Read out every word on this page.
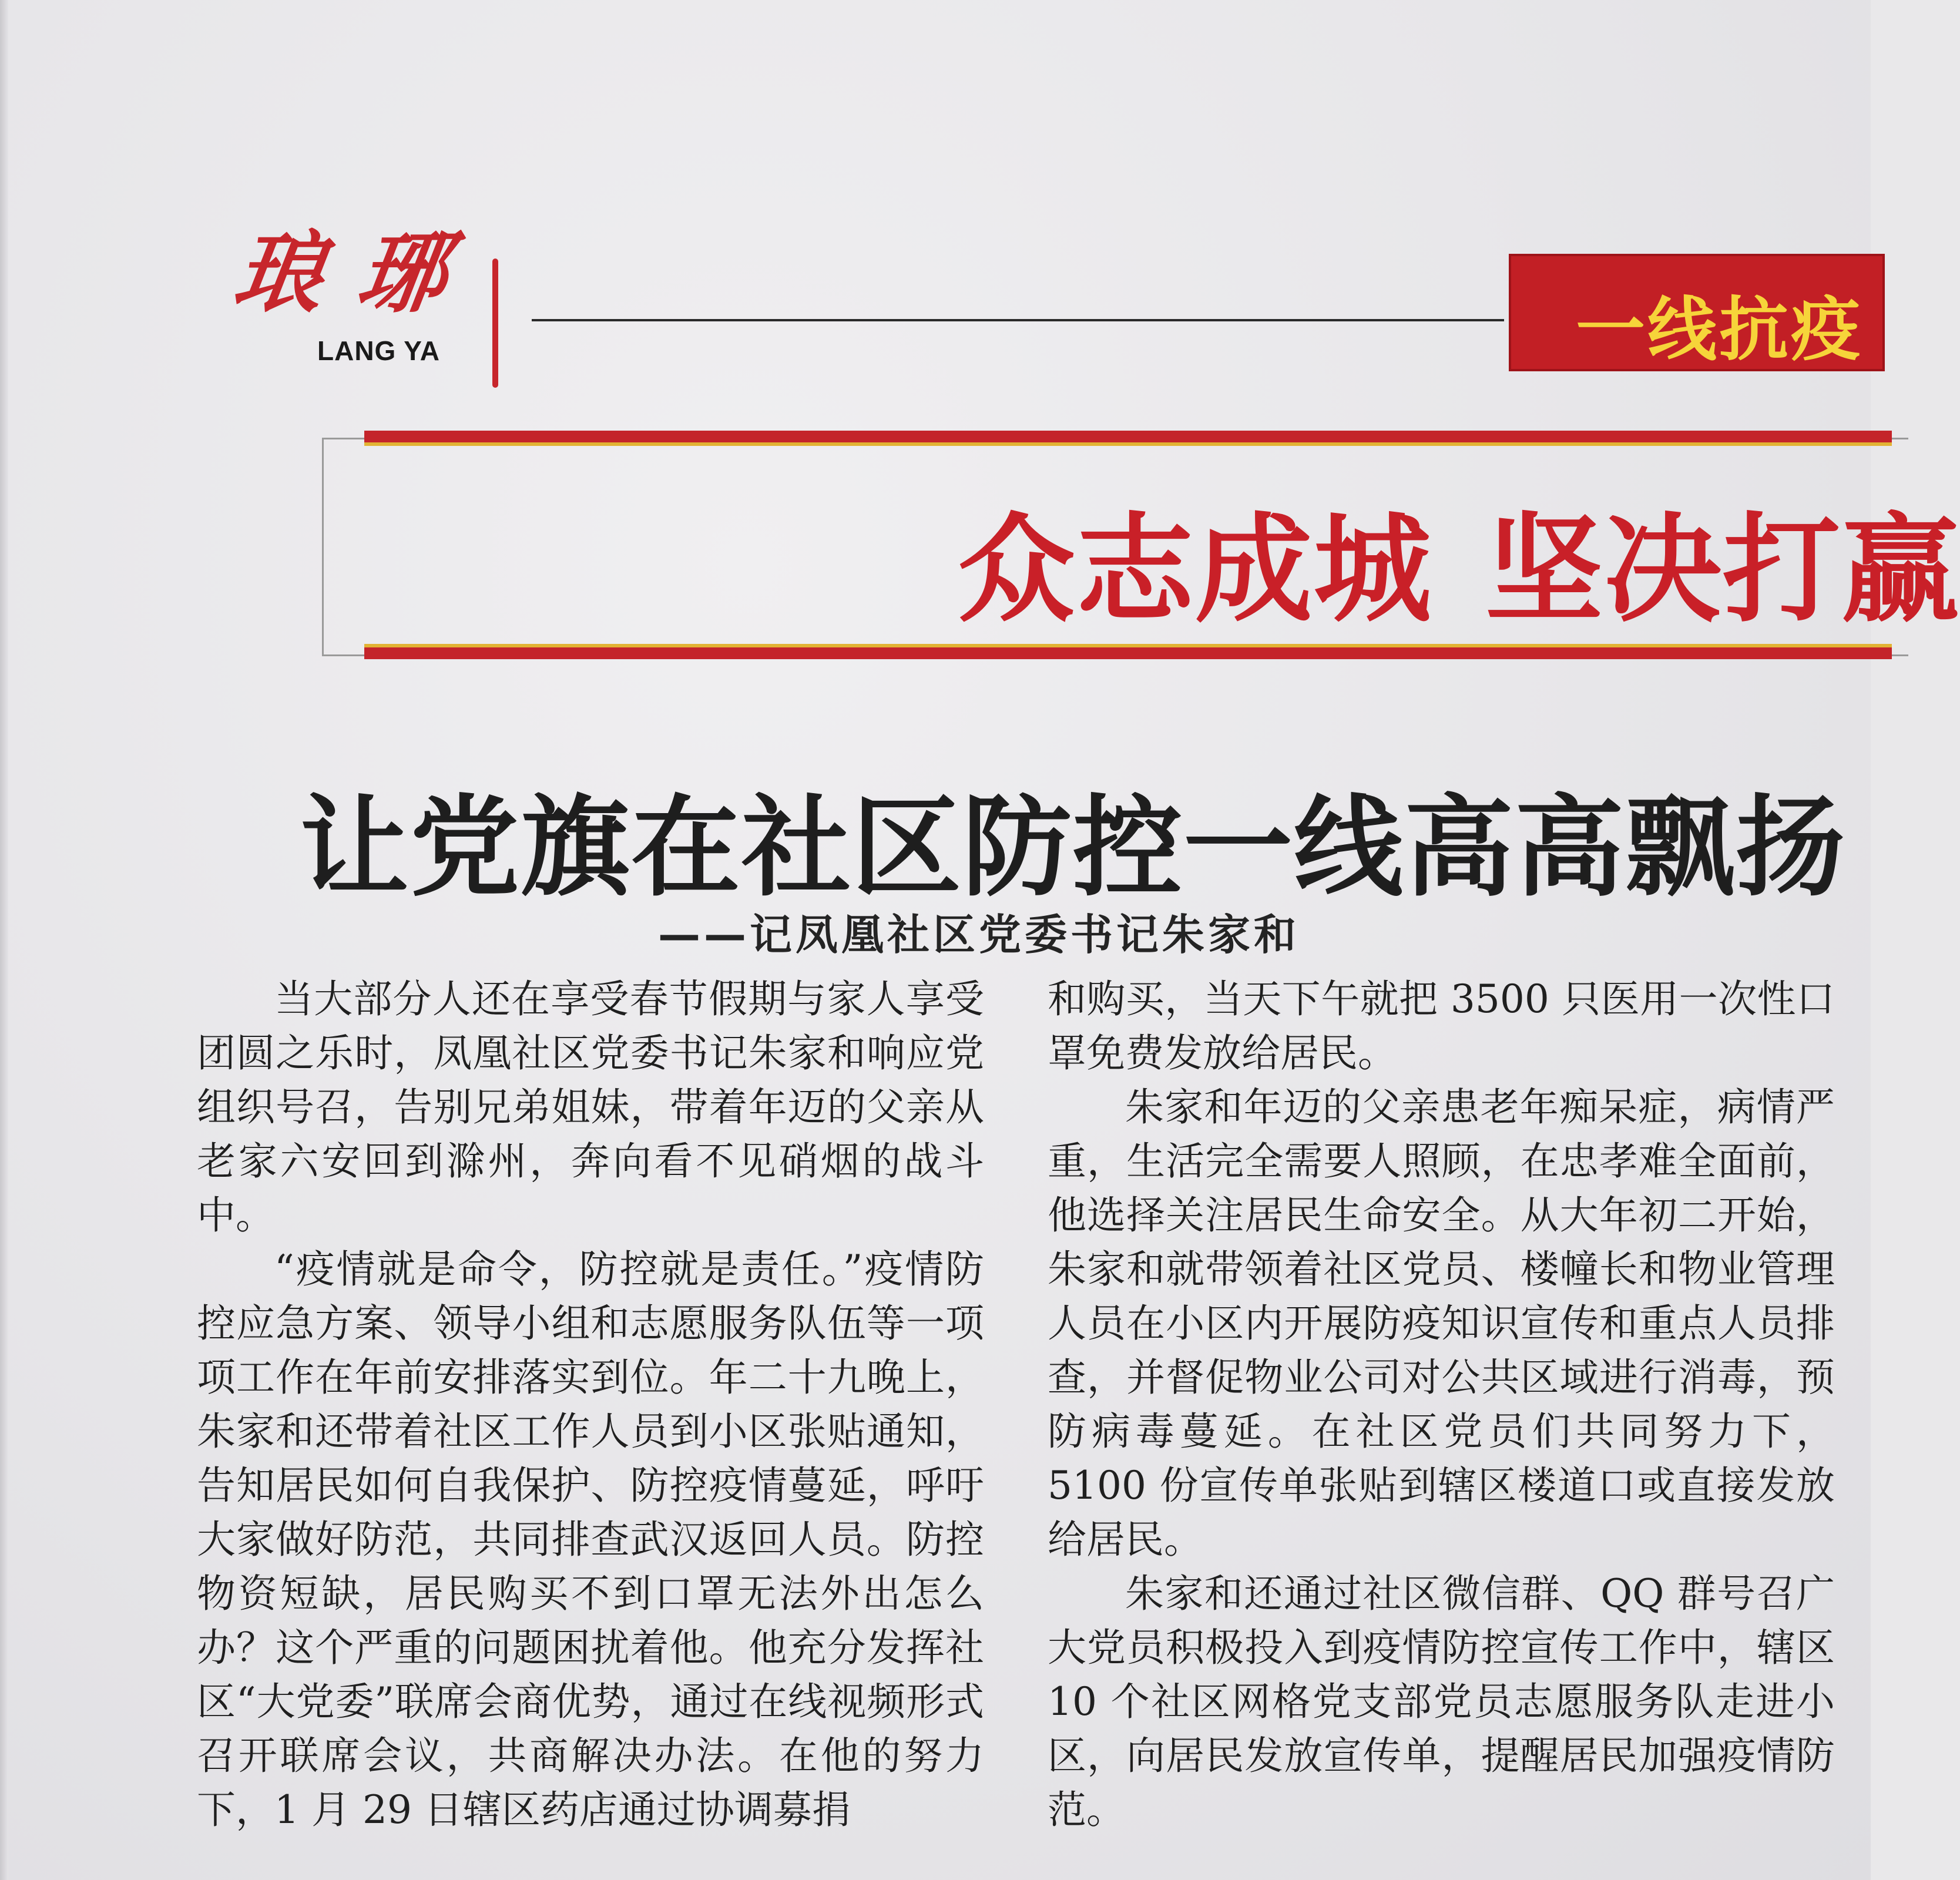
琅琊
LANG YA	一线抗疫
众志成城 坚决打赢
让党旗在社区防控一线高高飘扬
——记凤凰社区党委书记朱家和

当大部分人还在享受春节假期与家人享受团圆之乐时，凤凰社区党委书记朱家和响应党组织号召，告别兄弟姐妹，带着年迈的父亲从老家六安回到滁州，奔向看不见硝烟的战斗中。

“疫情就是命令，防控就是责任。”疫情防控应急方案、领导小组和志愿服务队伍等一项项工作在年前安排落实到位。年二十九晚上，朱家和还带着社区工作人员到小区张贴通知，告知居民如何自我保护、防控疫情蔓延，呼吁大家做好防范，共同排查武汉返回人员。防控物资短缺，居民购买不到口罩无法外出怎么办？这个严重的问题困扰着他。他充分发挥社区“大党委”联席会商优势，通过在线视频形式召开联席会议，共商解决办法。在他的努力下，1 月 29 日辖区药店通过协调募捐

和购买，当天下午就把 3500 只医用一次性口罩免费发放给居民。

朱家和年迈的父亲患老年痴呆症，病情严重，生活完全需要人照顾，在忠孝难全面前，他选择关注居民生命安全。从大年初二开始，朱家和就带领着社区党员、楼幢长和物业管理人员在小区内开展防疫知识宣传和重点人员排查，并督促物业公司对公共区域进行消毒，预防病毒蔓延。在社区党员们共同努力下，5100 份宣传单张贴到辖区楼道口或直接发放给居民。

朱家和还通过社区微信群、QQ 群号召广大党员积极投入到疫情防控宣传工作中，辖区 10 个社区网格党支部党员志愿服务队走进小区，向居民发放宣传单，提醒居民加强疫情防范。
